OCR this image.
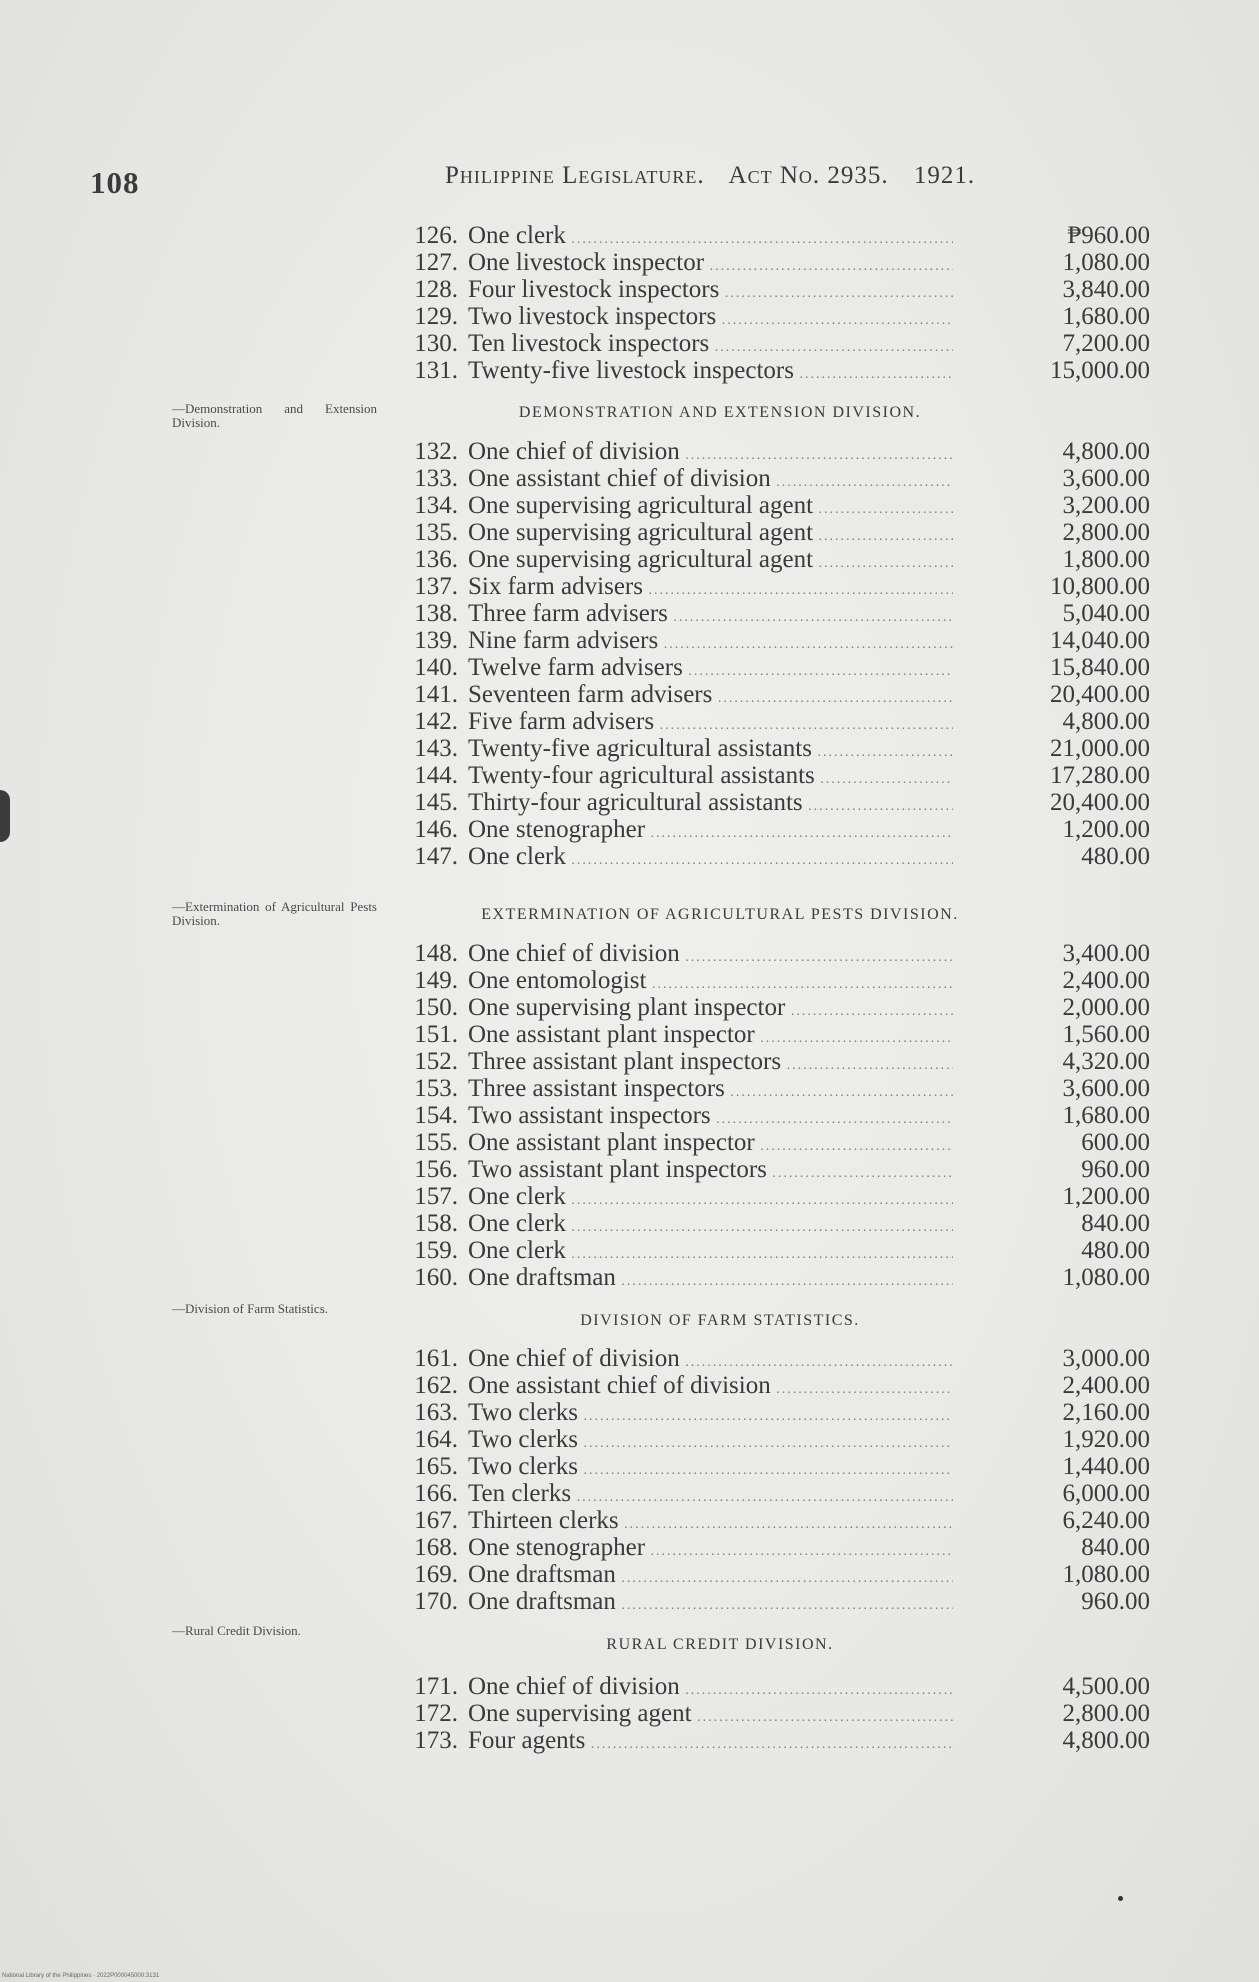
108	Philippine Legislature. Act No. 2935. 1921.
—Demonstration and Extension Division.
—Extermination of Agricultural Pests Division.
—Division of Farm Statistics.
—Rural Credit Division.
DEMONSTRATION AND EXTENSION DIVISION.
EXTERMINATION OF AGRICULTURAL PESTS DIVISION.
DIVISION OF FARM STATISTICS.
RURAL CREDIT DIVISION.
126. One clerk .....	₱960.00
127. One livestock inspector .....	1,080.00
128. Four livestock inspectors .....	3,840.00
129. Two livestock inspectors .....	1,680.00
130. Ten livestock inspectors .....	7,200.00
131. Twenty-five livestock inspectors .....	15,000.00
132. One chief of division .....	4,800.00
133. One assistant chief of division .....	3,600.00
134. One supervising agricultural agent .....	3,200.00
135. One supervising agricultural agent .....	2,800.00
136. One supervising agricultural agent .....	1,800.00
137. Six farm advisers .....	10,800.00
138. Three farm advisers .....	5,040.00
139. Nine farm advisers .....	14,040.00
140. Twelve farm advisers .....	15,840.00
141. Seventeen farm advisers .....	20,400.00
142. Five farm advisers .....	4,800.00
143. Twenty-five agricultural assistants .....	21,000.00
144. Twenty-four agricultural assistants .....	17,280.00
145. Thirty-four agricultural assistants .....	20,400.00
146. One stenographer .....	1,200.00
147. One clerk .....	480.00
148. One chief of division .....	3,400.00
149. One entomologist .....	2,400.00
150. One supervising plant inspector .....	2,000.00
151. One assistant plant inspector .....	1,560.00
152. Three assistant plant inspectors .....	4,320.00
153. Three assistant inspectors .....	3,600.00
154. Two assistant inspectors .....	1,680.00
155. One assistant plant inspector .....	600.00
156. Two assistant plant inspectors .....	960.00
157. One clerk .....	1,200.00
158. One clerk .....	840.00
159. One clerk .....	480.00
160. One draftsman .....	1,080.00
161. One chief of division .....	3,000.00
162. One assistant chief of division .....	2,400.00
163. Two clerks .....	2,160.00
164. Two clerks .....	1,920.00
165. Two clerks .....	1,440.00
166. Ten clerks .....	6,000.00
167. Thirteen clerks .....	6,240.00
168. One stenographer .....	840.00
169. One draftsman .....	1,080.00
170. One draftsman .....	960.00
171. One chief of division .....	4,500.00
172. One supervising agent .....	2,800.00
173. Four agents .....	4,800.00
National Library of the Philippines · 2022P000045000:3131
